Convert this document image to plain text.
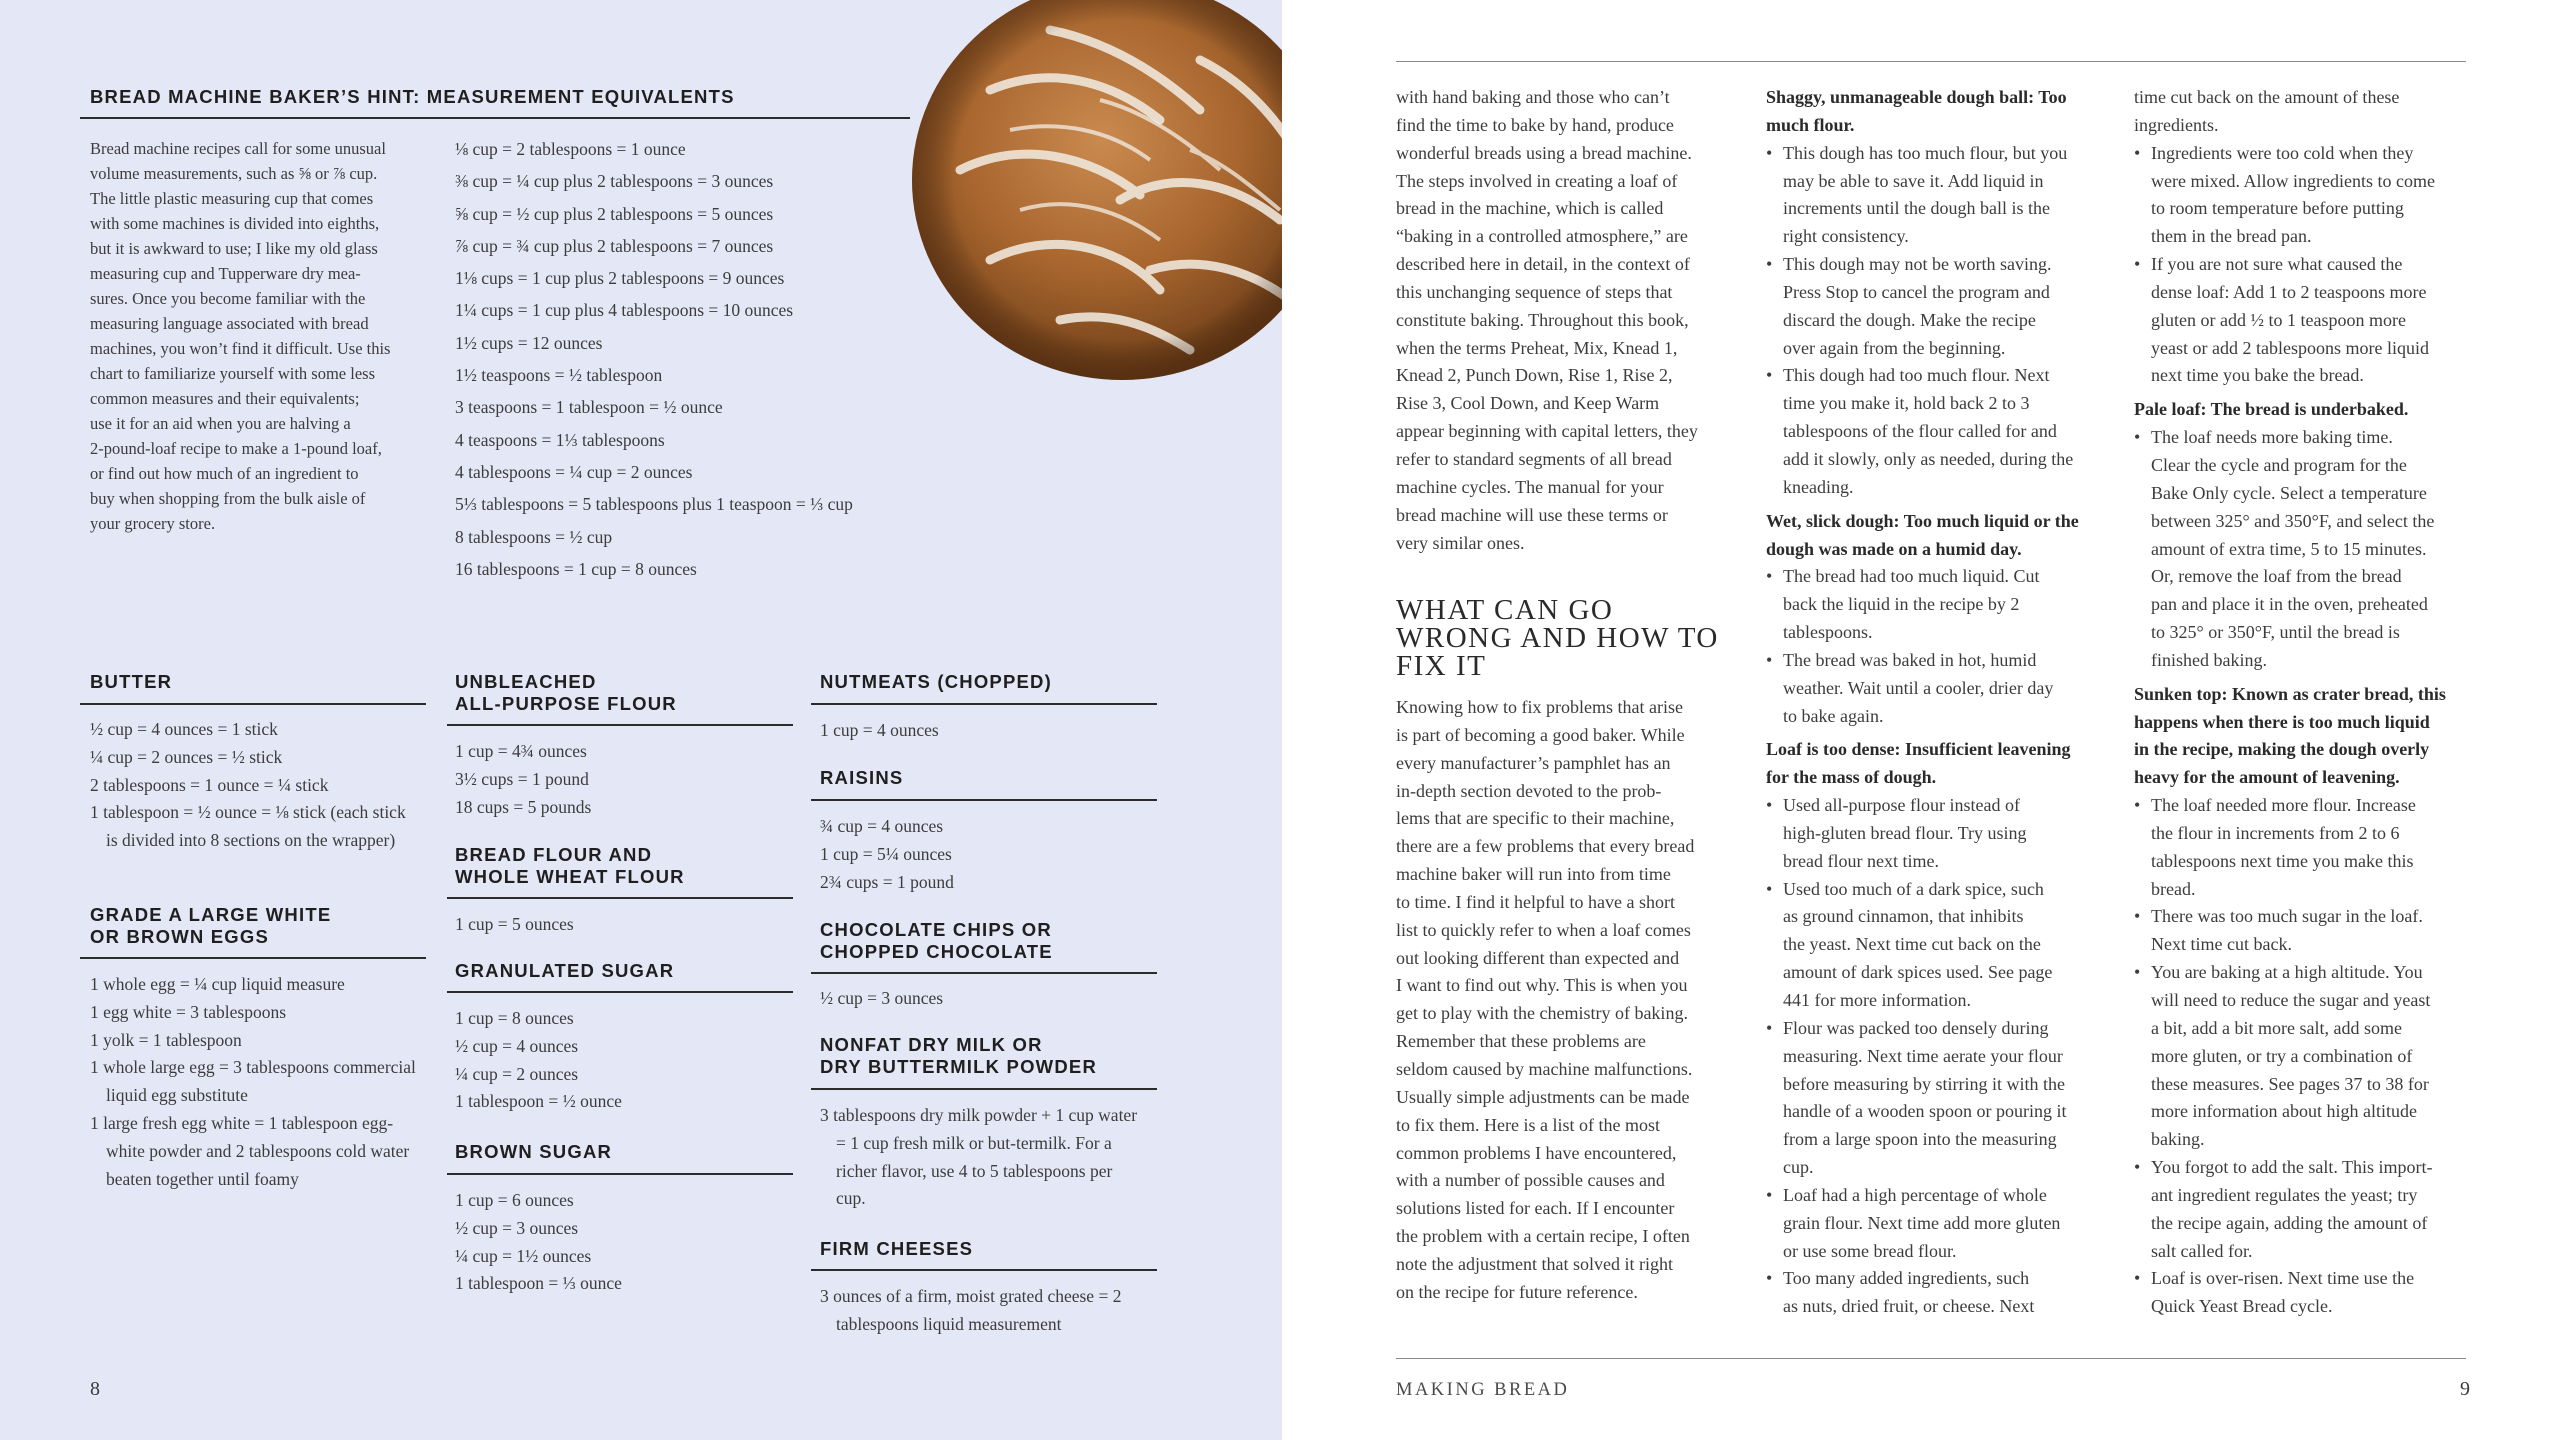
BREAD MACHINE BAKER’S HINT: MEASUREMENT EQUIVALENTS
Bread machine recipes call for some unusual
volume measurements, such as ⅝ or ⅞ cup.
The little plastic measuring cup that comes
with some machines is divided into eighths,
but it is awkward to use; I like my old glass
measuring cup and Tupperware dry mea-
sures. Once you become familiar with the
measuring language associated with bread
machines, you won’t find it difficult. Use this
chart to familiarize yourself with some less
common measures and their equivalents;
use it for an aid when you are halving a
2-pound-loaf recipe to make a 1-pound loaf,
or find out how much of an ingredient to
buy when shopping from the bulk aisle of
your grocery store.
⅛ cup = 2 tablespoons = 1 ounce
⅜ cup = ¼ cup plus 2 tablespoons = 3 ounces
⅝ cup = ½ cup plus 2 tablespoons = 5 ounces
⅞ cup = ¾ cup plus 2 tablespoons = 7 ounces
1⅛ cups = 1 cup plus 2 tablespoons = 9 ounces
1¼ cups = 1 cup plus 4 tablespoons = 10 ounces
1½ cups = 12 ounces
1½ teaspoons = ½ tablespoon
3 teaspoons = 1 tablespoon = ½ ounce
4 teaspoons = 1⅓ tablespoons
4 tablespoons = ¼ cup = 2 ounces
5⅓ tablespoons = 5 tablespoons plus 1 teaspoon = ⅓ cup
8 tablespoons = ½ cup
16 tablespoons = 1 cup = 8 ounces
BUTTER
½ cup = 4 ounces = 1 stick
¼ cup = 2 ounces = ½ stick
2 tablespoons = 1 ounce = ¼ stick
1 tablespoon = ½ ounce = ⅛ stick (each stick is divided into 8 sections on the wrapper)
GRADE A LARGE WHITE
OR BROWN EGGS
1 whole egg = ¼ cup liquid measure
1 egg white = 3 tablespoons
1 yolk = 1 tablespoon
1 whole large egg = 3 tablespoons commercial liquid egg substitute
1 large fresh egg white = 1 tablespoon egg-white powder and 2 tablespoons cold water beaten together until foamy
UNBLEACHED
ALL-PURPOSE FLOUR
1 cup = 4¾ ounces
3½ cups = 1 pound
18 cups = 5 pounds
BREAD FLOUR AND
WHOLE WHEAT FLOUR
1 cup = 5 ounces
GRANULATED SUGAR
1 cup = 8 ounces
½ cup = 4 ounces
¼ cup = 2 ounces
1 tablespoon = ½ ounce
BROWN SUGAR
1 cup = 6 ounces
½ cup = 3 ounces
¼ cup = 1½ ounces
1 tablespoon = ⅓ ounce
NUTMEATS (CHOPPED)
1 cup = 4 ounces
RAISINS
¾ cup = 4 ounces
1 cup = 5¼ ounces
2¾ cups = 1 pound
CHOCOLATE CHIPS OR
CHOPPED CHOCOLATE
½ cup = 3 ounces
NONFAT DRY MILK OR
DRY BUTTERMILK POWDER
3 tablespoons dry milk powder + 1 cup water = 1 cup fresh milk or but-termilk. For a richer flavor, use 4 to 5 tablespoons per cup.
FIRM CHEESES
3 ounces of a firm, moist grated cheese = 2 tablespoons liquid measurement
8
with hand baking and those who can’t
find the time to bake by hand, produce
wonderful breads using a bread machine.
The steps involved in creating a loaf of
bread in the machine, which is called
“baking in a controlled atmosphere,” are
described here in detail, in the context of
this unchanging sequence of steps that
constitute baking. Throughout this book,
when the terms Preheat, Mix, Knead 1,
Knead 2, Punch Down, Rise 1, Rise 2,
Rise 3, Cool Down, and Keep Warm
appear beginning with capital letters, they
refer to standard segments of all bread
machine cycles. The manual for your
bread machine will use these terms or
very similar ones.
WHAT CAN GO
WRONG AND HOW TO
FIX IT
Knowing how to fix problems that arise
is part of becoming a good baker. While
every manufacturer’s pamphlet has an
in-depth section devoted to the prob-
lems that are specific to their machine,
there are a few problems that every bread
machine baker will run into from time
to time. I find it helpful to have a short
list to quickly refer to when a loaf comes
out looking different than expected and
I want to find out why. This is when you
get to play with the chemistry of baking.
Remember that these problems are
seldom caused by machine malfunctions.
Usually simple adjustments can be made
to fix them. Here is a list of the most
common problems I have encountered,
with a number of possible causes and
solutions listed for each. If I encounter
the problem with a certain recipe, I often
note the adjustment that solved it right
on the recipe for future reference.
Shaggy, unmanageable dough ball: Too
much flour.
• This dough has too much flour, but you
may be able to save it. Add liquid in
increments until the dough ball is the
right consistency.
• This dough may not be worth saving.
Press Stop to cancel the program and
discard the dough. Make the recipe
over again from the beginning.
• This dough had too much flour. Next
time you make it, hold back 2 to 3
tablespoons of the flour called for and
add it slowly, only as needed, during the
kneading.
Wet, slick dough: Too much liquid or the
dough was made on a humid day.
• The bread had too much liquid. Cut
back the liquid in the recipe by 2
tablespoons.
• The bread was baked in hot, humid
weather. Wait until a cooler, drier day
to bake again.
Loaf is too dense: Insufficient leavening
for the mass of dough.
• Used all-purpose flour instead of
high-gluten bread flour. Try using
bread flour next time.
• Used too much of a dark spice, such
as ground cinnamon, that inhibits
the yeast. Next time cut back on the
amount of dark spices used. See page
441 for more information.
• Flour was packed too densely during
measuring. Next time aerate your flour
before measuring by stirring it with the
handle of a wooden spoon or pouring it
from a large spoon into the measuring
cup.
• Loaf had a high percentage of whole
grain flour. Next time add more gluten
or use some bread flour.
• Too many added ingredients, such
as nuts, dried fruit, or cheese. Next
time cut back on the amount of these
ingredients.
• Ingredients were too cold when they
were mixed. Allow ingredients to come
to room temperature before putting
them in the bread pan.
• If you are not sure what caused the
dense loaf: Add 1 to 2 teaspoons more
gluten or add ½ to 1 teaspoon more
yeast or add 2 tablespoons more liquid
next time you bake the bread.
Pale loaf: The bread is underbaked.
• The loaf needs more baking time.
Clear the cycle and program for the
Bake Only cycle. Select a temperature
between 325° and 350°F, and select the
amount of extra time, 5 to 15 minutes.
Or, remove the loaf from the bread
pan and place it in the oven, preheated
to 325° or 350°F, until the bread is
finished baking.
Sunken top: Known as crater bread, this
happens when there is too much liquid
in the recipe, making the dough overly
heavy for the amount of leavening.
• The loaf needed more flour. Increase
the flour in increments from 2 to 6
tablespoons next time you make this
bread.
• There was too much sugar in the loaf.
Next time cut back.
• You are baking at a high altitude. You
will need to reduce the sugar and yeast
a bit, add a bit more salt, add some
more gluten, or try a combination of
these measures. See pages 37 to 38 for
more information about high altitude
baking.
• You forgot to add the salt. This import-
ant ingredient regulates the yeast; try
the recipe again, adding the amount of
salt called for.
• Loaf is over-risen. Next time use the
Quick Yeast Bread cycle.
MAKING BREAD	9
